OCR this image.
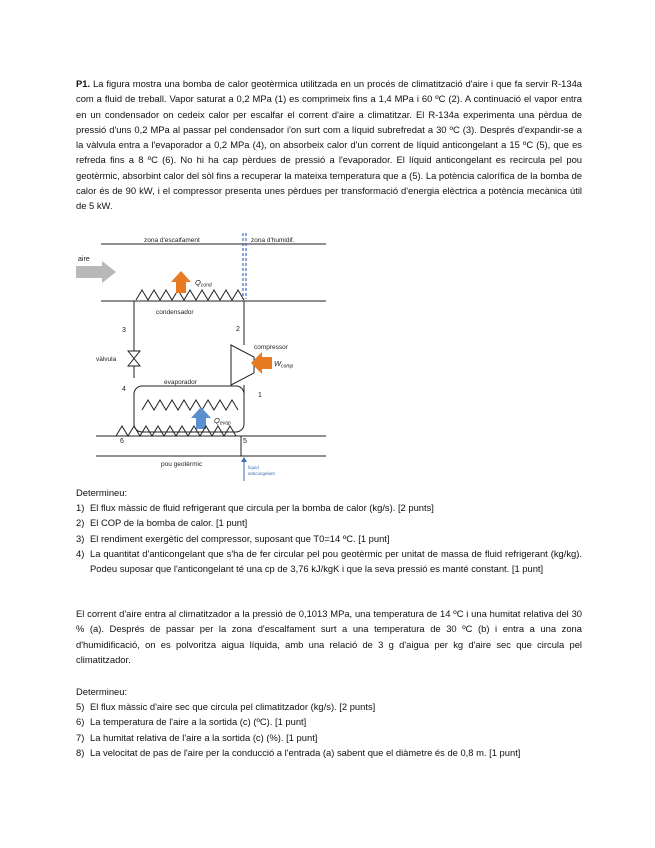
P1. La figura mostra una bomba de calor geotèrmica utilitzada en un procés de climatització d'aire i que fa servir R-134a com a fluid de treball. Vapor saturat a 0,2 MPa (1) es comprimeix fins a 1,4 MPa i 60 ºC (2). A continuació el vapor entra en un condensador on cedeix calor per escalfar el corrent d'aire a climatitzar. El R-134a experimenta una pèrdua de pressió d'uns 0,2 MPa al passar pel condensador i'on surt com a líquid subrefredat a 30 ºC (3). Després d'expandir-se a la vàlvula entra a l'evaporador a 0,2 MPa (4), on absorbeix calor d'un corrent de líquid anticongelant a 15 ºC (5), que es refreda fins a 8 ºC (6). No hi ha cap pèrdues de pressió a l'evaporador. El líquid anticongelant es recircula pel pou geotèrmic, absorbint calor del sòl fins a recuperar la mateixa temperatura que a (5). La potència calorífica de la bomba de calor és de 90 kW, i el compressor presenta unes pèrdues per transformació d'energia elèctrica a potència mecànica útil de 5 kW.

zona d'escalfament	zona d'humidif.
aire
$Q_{cond}$
condensador
compressor
$W_{comp}$
vàlvula
evaporador
$Q_{evap}$
pou geotèrmic	líquid
anticongelant
1
2
3
4
5
6

Determineu:

1) El flux màssic de fluid refrigerant que circula per la bomba de calor (kg/s). [2 punts]
2) El COP de la bomba de calor. [1 punt]
3) El rendiment exergètic del compressor, suposant que T0=14 ºC. [1 punt]
4) La quantitat d'anticongelant que s'ha de fer circular pel pou geotèrmic per unitat de massa de fluid refrigerant (kg/kg). Podeu suposar que l'anticongelant té una cp de 3,76 kJ/kgK i que la seva pressió es manté constant. [1 punt]

El corrent d'aire entra al climatitzador a la pressió de 0,1013 MPa, una temperatura de 14 ºC i una humitat relativa del 30 % (a). Després de passar per la zona d'escalfament surt a una temperatura de 30 ºC (b) i entra a una zona d'humidificació, on es polvoritza aigua líquida, amb una relació de 3 g d'aigua per kg d'aire sec que circula pel climatitzador.

Determineu:

5) El flux màssic d'aire sec que circula pel climatitzador (kg/s). [2 punts]
6) La temperatura de l'aire a la sortida (c) (ºC). [1 punt]
7) La humitat relativa de l'aire a la sortida (c) (%). [1 punt]
8) La velocitat de pas de l'aire per la conducció a l'entrada (a) sabent que el diàmetre és de 0,8 m. [1 punt]
